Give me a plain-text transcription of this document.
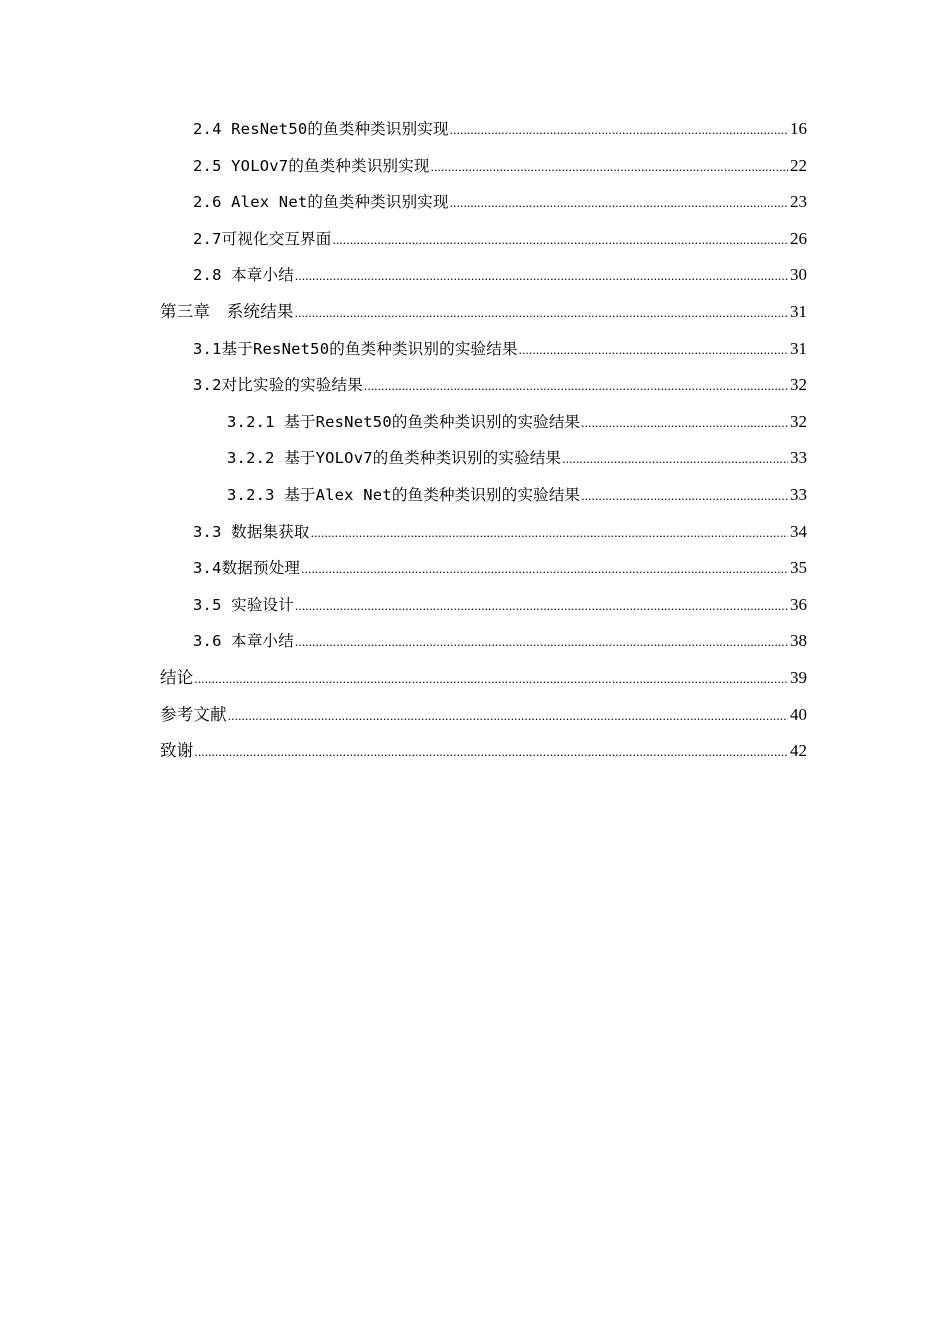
2.4 ResNet50的鱼类种类识别实现 .....	16
2.5 YOLOv7的鱼类种类识别实现 .....	22
2.6 Alex Net的鱼类种类识别实现 .....	23
2.7可视化交互界面 .....	26
2.8 本章小结 .....	30
第三章　系统结果 .....	31
3.1基于ResNet50的鱼类种类识别的实验结果 .....	31
3.2对比实验的实验结果 .....	32
3.2.1 基于ResNet50的鱼类种类识别的实验结果 .....	32
3.2.2 基于YOLOv7的鱼类种类识别的实验结果 .....	33
3.2.3 基于Alex Net的鱼类种类识别的实验结果 .....	33
3.3 数据集获取 .....	34
3.4数据预处理 .....	35
3.5 实验设计 .....	36
3.6 本章小结 .....	38
结论 .....	39
参考文献 .....	40
致谢 .....	42
